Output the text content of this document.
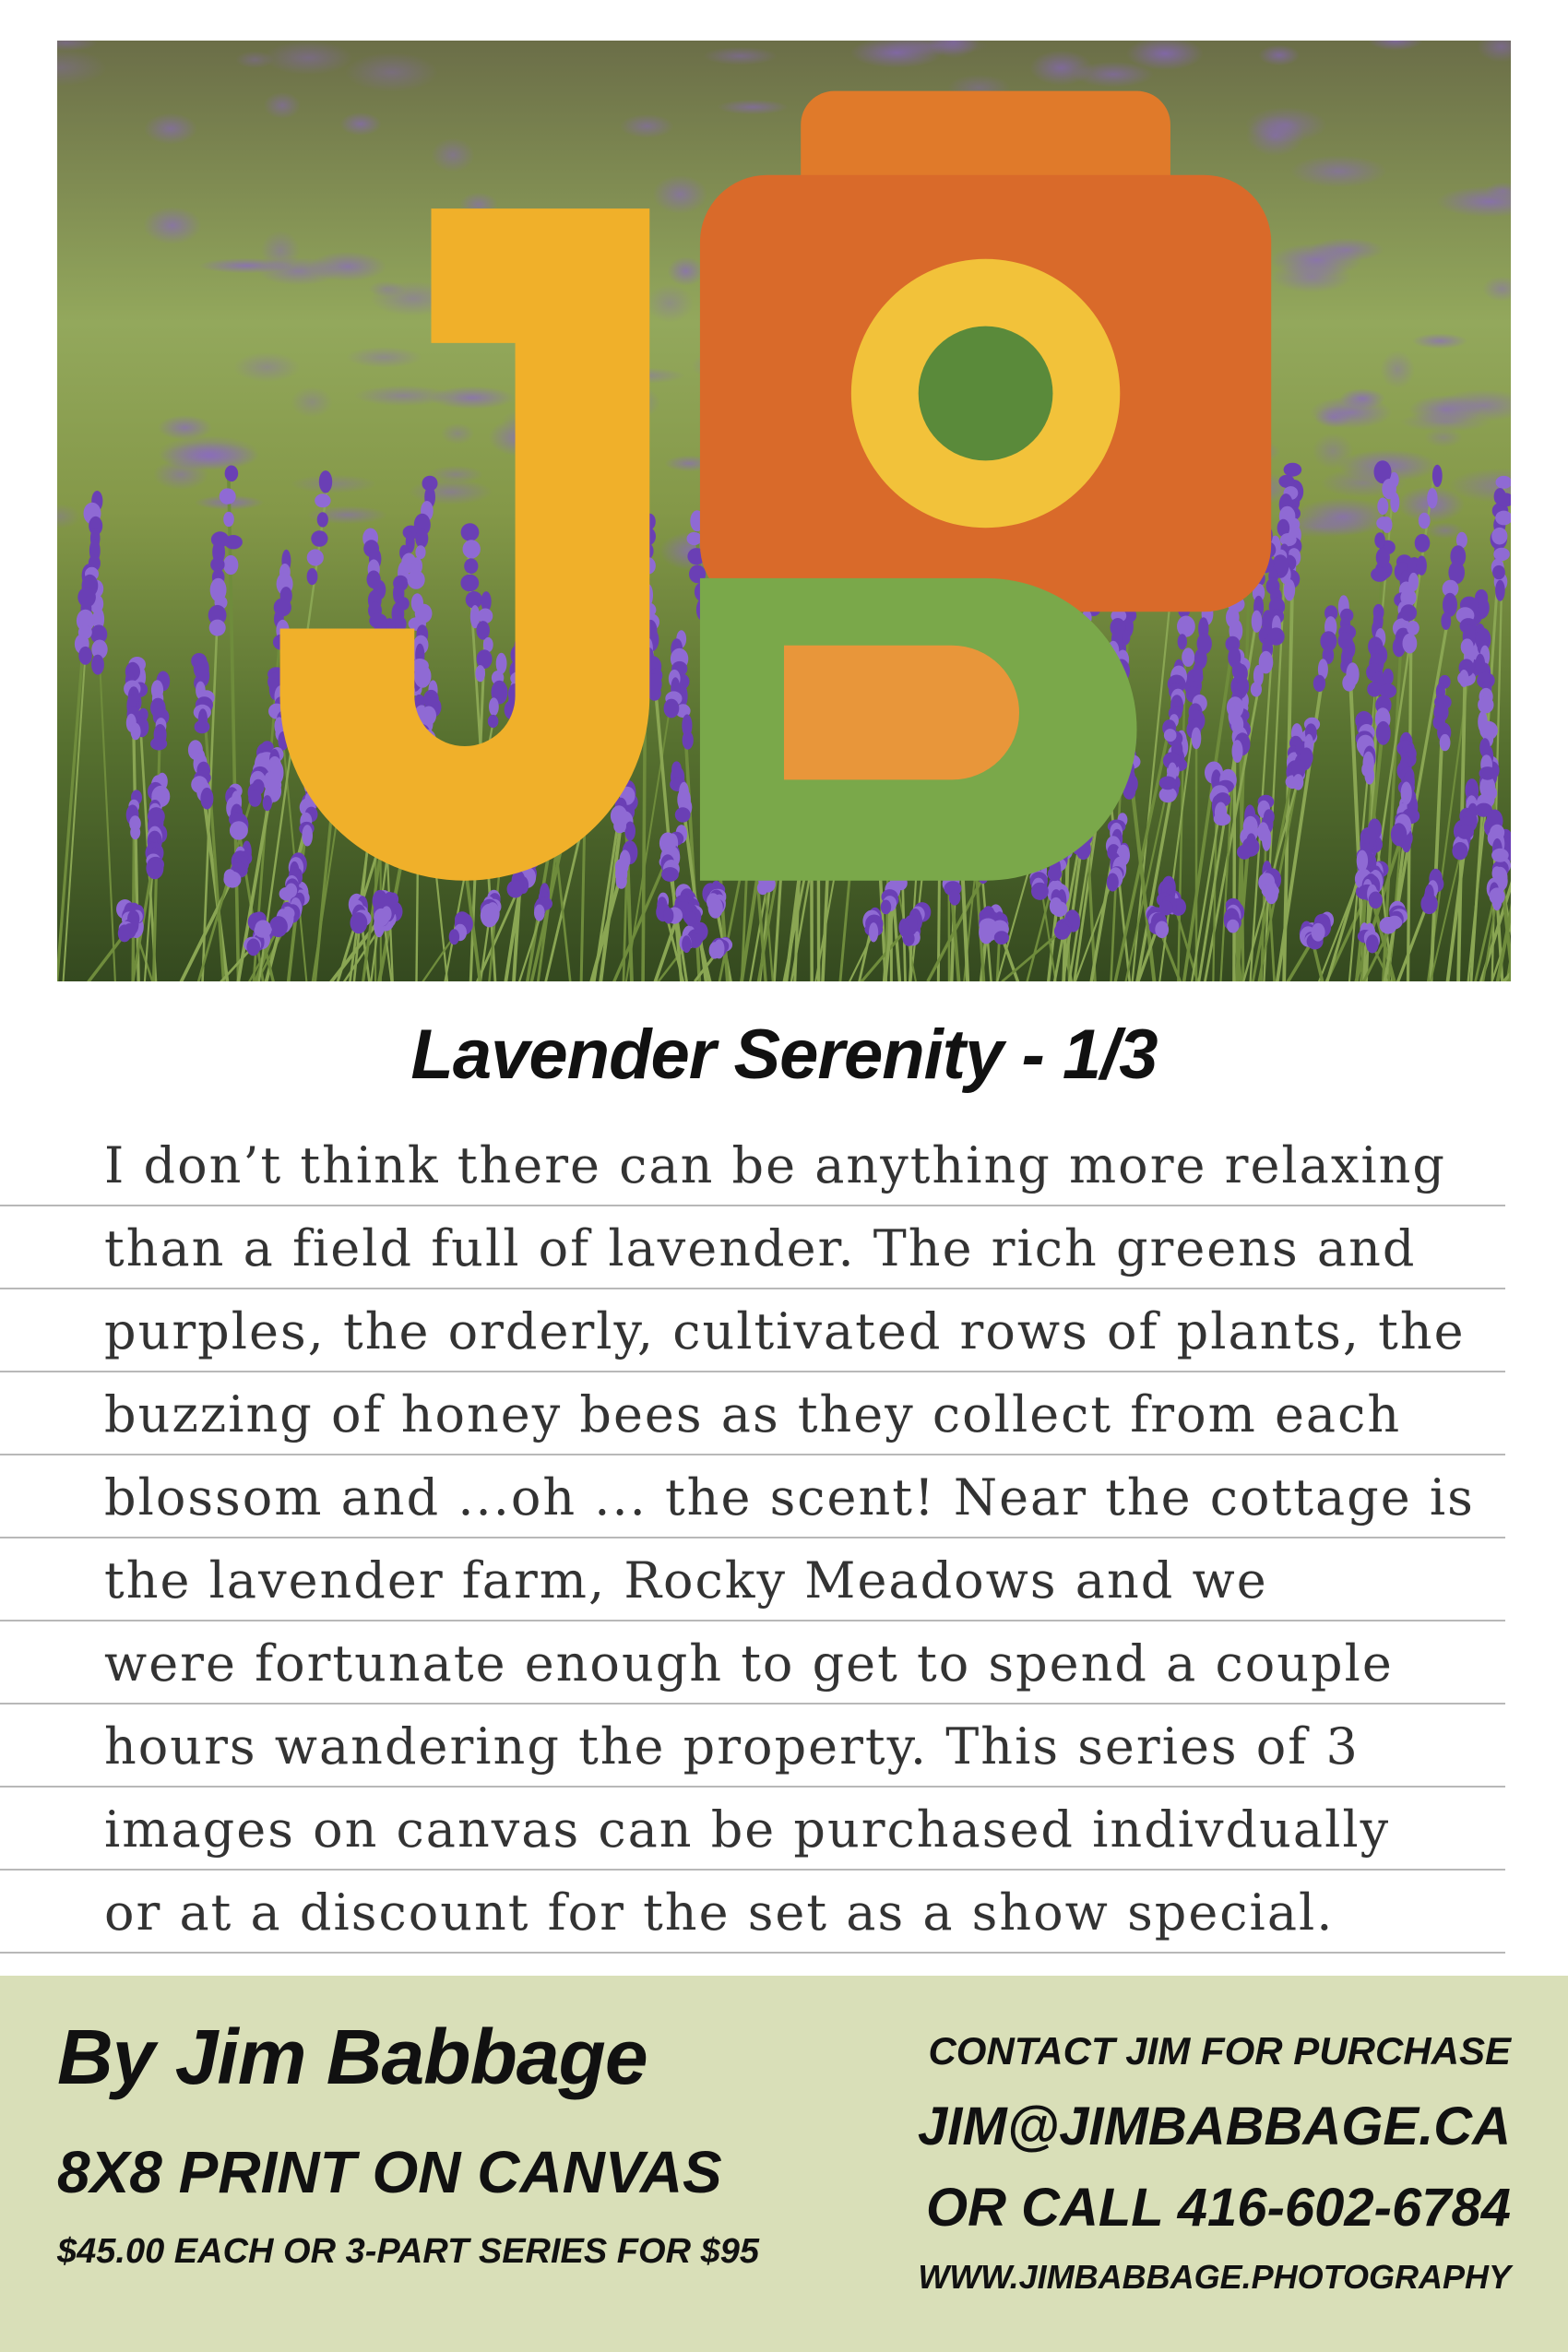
Lavender Serenity - 1/3
I don’t think there can be anything more relaxing
than a field full of lavender. The rich greens and
purples, the orderly, cultivated rows of plants, the
buzzing of honey bees as they collect from each
blossom and ...oh ... the scent! Near the cottage is
the lavender farm, Rocky Meadows and we
were fortunate enough to get to spend a couple
hours wandering the property. This series of 3
images on canvas can be purchased indivdually
or at a discount for the set as a show special.
By Jim Babbage
8X8 PRINT ON CANVAS
$45.00 EACH OR 3-PART SERIES FOR $95
CONTACT JIM FOR PURCHASE
JIM@JIMBABBAGE.CA
OR CALL 416-602-6784
WWW.JIMBABBAGE.PHOTOGRAPHY
